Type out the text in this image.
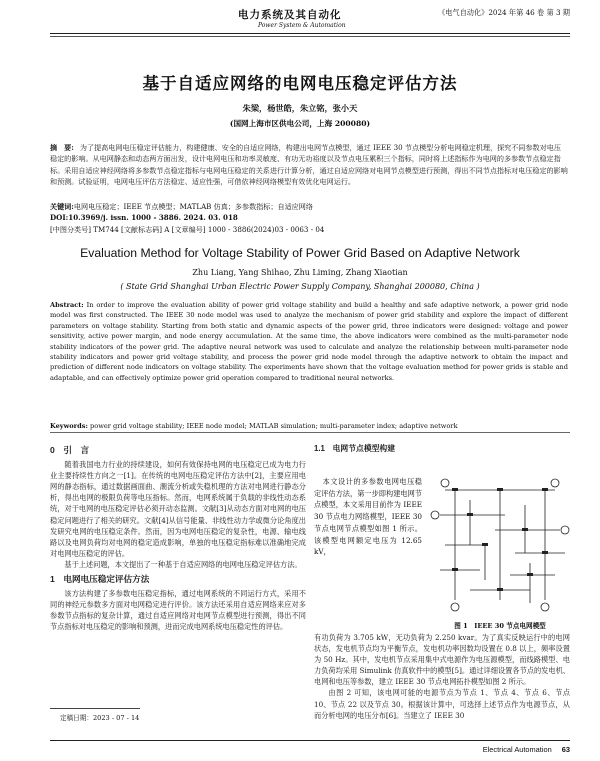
电力系统及其自动化
Power System & Automation
《电气自动化》2024 年第 46 卷 第 3 期
基于自适应网络的电网电压稳定评估方法
朱梁，杨世皓，朱立铭，张小天
(国网上海市区供电公司，上海 200080)
摘　要: 为了提高电网电压稳定评估能力，构建健康、安全的自适应网络，构建出电网节点模型，通过 IEEE 30 节点模型分析电网稳定机理，探究不同参数对电压稳定的影响。从电网静态和动态两方面出发，设计电网电压和功率灵敏度、有功无功裕度以及节点电压累积三个指标，同时将上述指标作为电网的多参数节点稳定指标。采用自适应神经网络将多参数节点稳定指标与电网电压稳定的关系进行计算分析，通过自适应网络对电网节点模型进行预测，得出不同节点指标对电压稳定的影响和预测。试验证明，电网电压评估方法稳定、适应性强，可借依神经网络模型有效优化电网运行。
关键词:电网电压稳定；IEEE 节点模型；MATLAB 仿真；多参数指标；自适应网络
DOI:10.3969/j. issn. 1000 - 3886. 2024. 03. 018
[中图分类号] TM744 [文献标志码] A [文章编号] 1000 - 3886(2024)03 - 0063 - 04
Evaluation Method for Voltage Stability of Power Grid Based on Adaptive Network
Zhu Liang, Yang Shihao, Zhu Liming, Zhang Xiaotian
( State Grid Shanghai Urban Electric Power Supply Company, Shanghai 200080, China )
Abstract: In order to improve the evaluation ability of power grid voltage stability and build a healthy and safe adaptive network, a power grid node model was first constructed. The IEEE 30 node model was used to analyze the mechanism of power grid stability and explore the impact of different parameters on voltage stability. Starting from both static and dynamic aspects of the power grid, three indicators were designed: voltage and power sensitivity, active power margin, and node energy accumulation. At the same time, the above indicators were combined as the multi-parameter node stability indicators of the power grid. The adaptive neural network was used to calculate and analyze the relationship between multi-parameter node stability indicators and power grid voltage stability, and process the power grid node model through the adaptive network to obtain the impact and prediction of different node indicators on voltage stability. The experiments have shown that the voltage evaluation method for power grids is stable and adaptable, and can effectively optimize power grid operation compared to traditional neural networks.
Keywords: power grid voltage stability; IEEE node model; MATLAB simulation; multi-parameter index; adaptive network
0　引　言

随着我国电力行业的持续建设，如何有效保持电网的电压稳定已成为电力行业主要持续性方向之一[1]。在传统的电网电压稳定评估方法中[2]，主要应用电网的静态指标，通过数据画面曲、潮流分析或失稳机理的方法对电网进行静态分析，得出电网的极限负荷等电压指标。然而，电网系统属于负载的非线性动态系统，对于电网的电压稳定评估必须开动态监测。文献[3]从动态方面对电网的电压稳定问题进行了相关的研究。文献[4]从信号能量、非线性动力学或微分论角度出发研究电网的电压稳定条件。然而，因为电网电压稳定的复杂性，电源、输电线路以及电网负荷均对电网的稳定造成影响，单独的电压稳定指标难以准确地完成对电网电压稳定的评估。

基于上述问题，本文提出了一种基于自适应网络的电网电压稳定评估方法。

1　电网电压稳定评估方法

该方法构建了多参数电压稳定指标，通过电网系统的不同运行方式，采用不同的神经元参数多方面对电网稳定进行评价。该方法还采用自适应网络来应对多参数节点指标的复杂计算，通过自适应网络对电网节点模型进行预测，得出不同节点指标对电压稳定的影响和预测，进而完成电网系统电压稳定性的评估。

1.1　电网节点模型构建

本文设计的多参数电网电压稳定评估方法，第一步即构建电网节点模型，本文采用目前作为 IEEE 30 节点电力网络模型，IEEE 30 节点电网节点模型如图 1 所示。该模型电网额定电压为 12.65 kV，

图 1　IEEE 30 节点电网模型

有功负荷为 3.705 kW，无功负荷为 2.250 kvar。为了真实反映运行中的电网状态，发电机节点均为平衡节点，发电机功率因数均设置在 0.8 以上，频率设置为 50 Hz。其中，发电机节点采用集中式电源作为电压源模型，而线路模型、电力负荷均采用 Simulink 仿真软件中的模型[5]。通过详细设置各节点的发电机、电网和电压等参数，建立 IEEE 30 节点电网拓扑模型如图 2 所示。

由图 2 可知，该电网可能的电源节点为节点 1、节点 4、节点 6、节点 10、节点 22 以及节点 30。根据该计算中，可选择上述节点作为电源节点，从而分析电网的电压分布[6]。当建立了 IEEE 30

定稿日期：2023 - 07 - 14
Electrical Automation 63
